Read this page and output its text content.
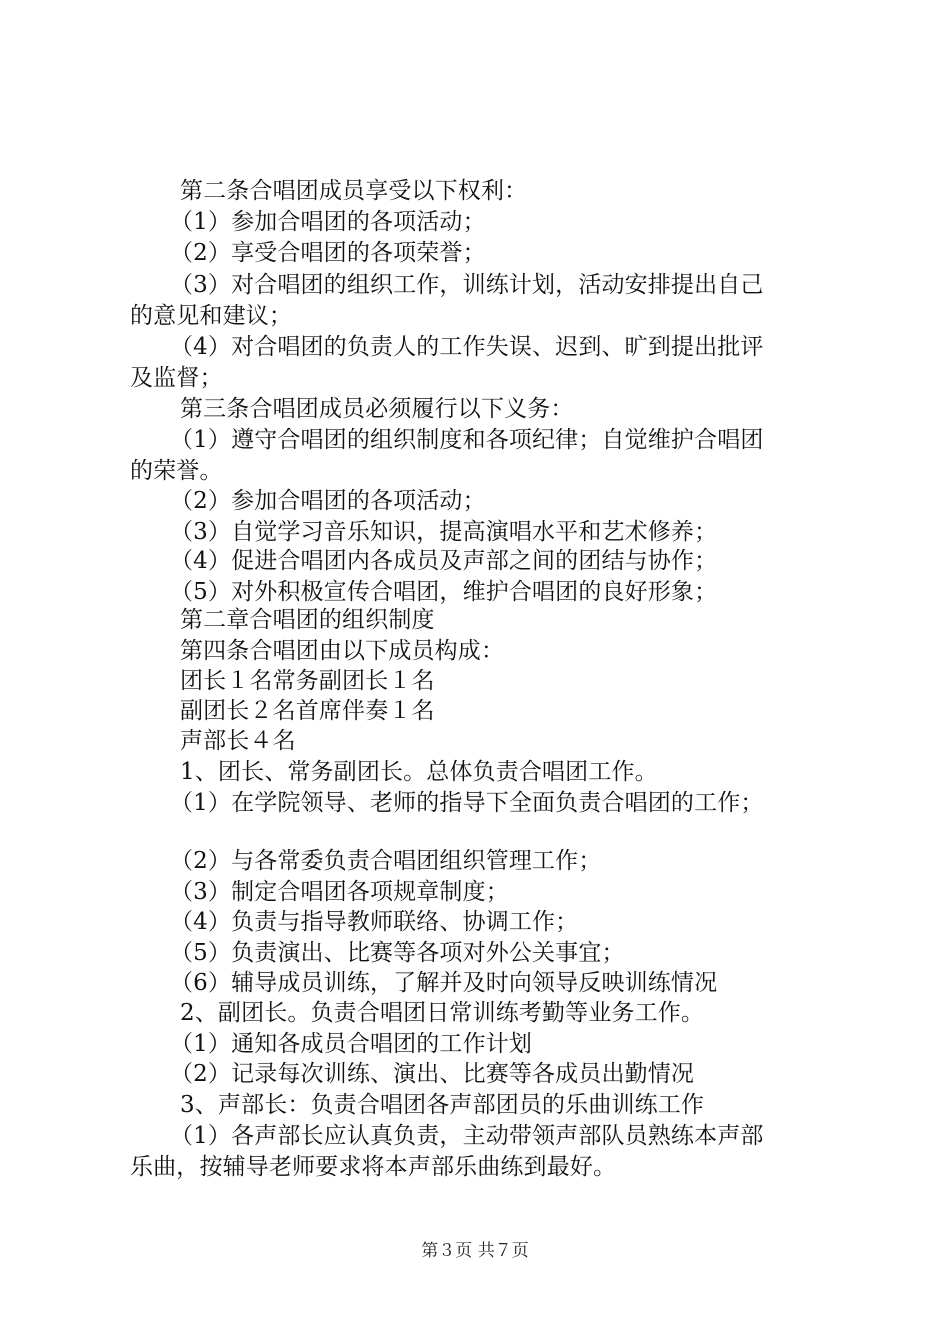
第二条合唱团成员享受以下权利：
（1）参加合唱团的各项活动；
（2）享受合唱团的各项荣誉；
（3）对合唱团的组织工作，训练计划，活动安排提出自己
的意见和建议；
（4）对合唱团的负责人的工作失误、迟到、旷到提出批评
及监督；
第三条合唱团成员必须履行以下义务：
（1）遵守合唱团的组织制度和各项纪律；自觉维护合唱团
的荣誉。
（2）参加合唱团的各项活动；
（3）自觉学习音乐知识，提高演唱水平和艺术修养；
（4）促进合唱团内各成员及声部之间的团结与协作；
（5）对外积极宣传合唱团，维护合唱团的良好形象；
第二章合唱团的组织制度
第四条合唱团由以下成员构成：
团长１名常务副团长１名
副团长２名首席伴奏１名
声部长４名
1、团长、常务副团长。总体负责合唱团工作。
（1）在学院领导、老师的指导下全面负责合唱团的工作；
（2）与各常委负责合唱团组织管理工作；
（3）制定合唱团各项规章制度；
（4）负责与指导教师联络、协调工作；
（5）负责演出、比赛等各项对外公关事宜；
（6）辅导成员训练，了解并及时向领导反映训练情况
2、副团长。负责合唱团日常训练考勤等业务工作。
（1）通知各成员合唱团的工作计划
（2）记录每次训练、演出、比赛等各成员出勤情况
3、声部长：负责合唱团各声部团员的乐曲训练工作
（1）各声部长应认真负责，主动带领声部队员熟练本声部
乐曲，按辅导老师要求将本声部乐曲练到最好。
第３页 共７页
